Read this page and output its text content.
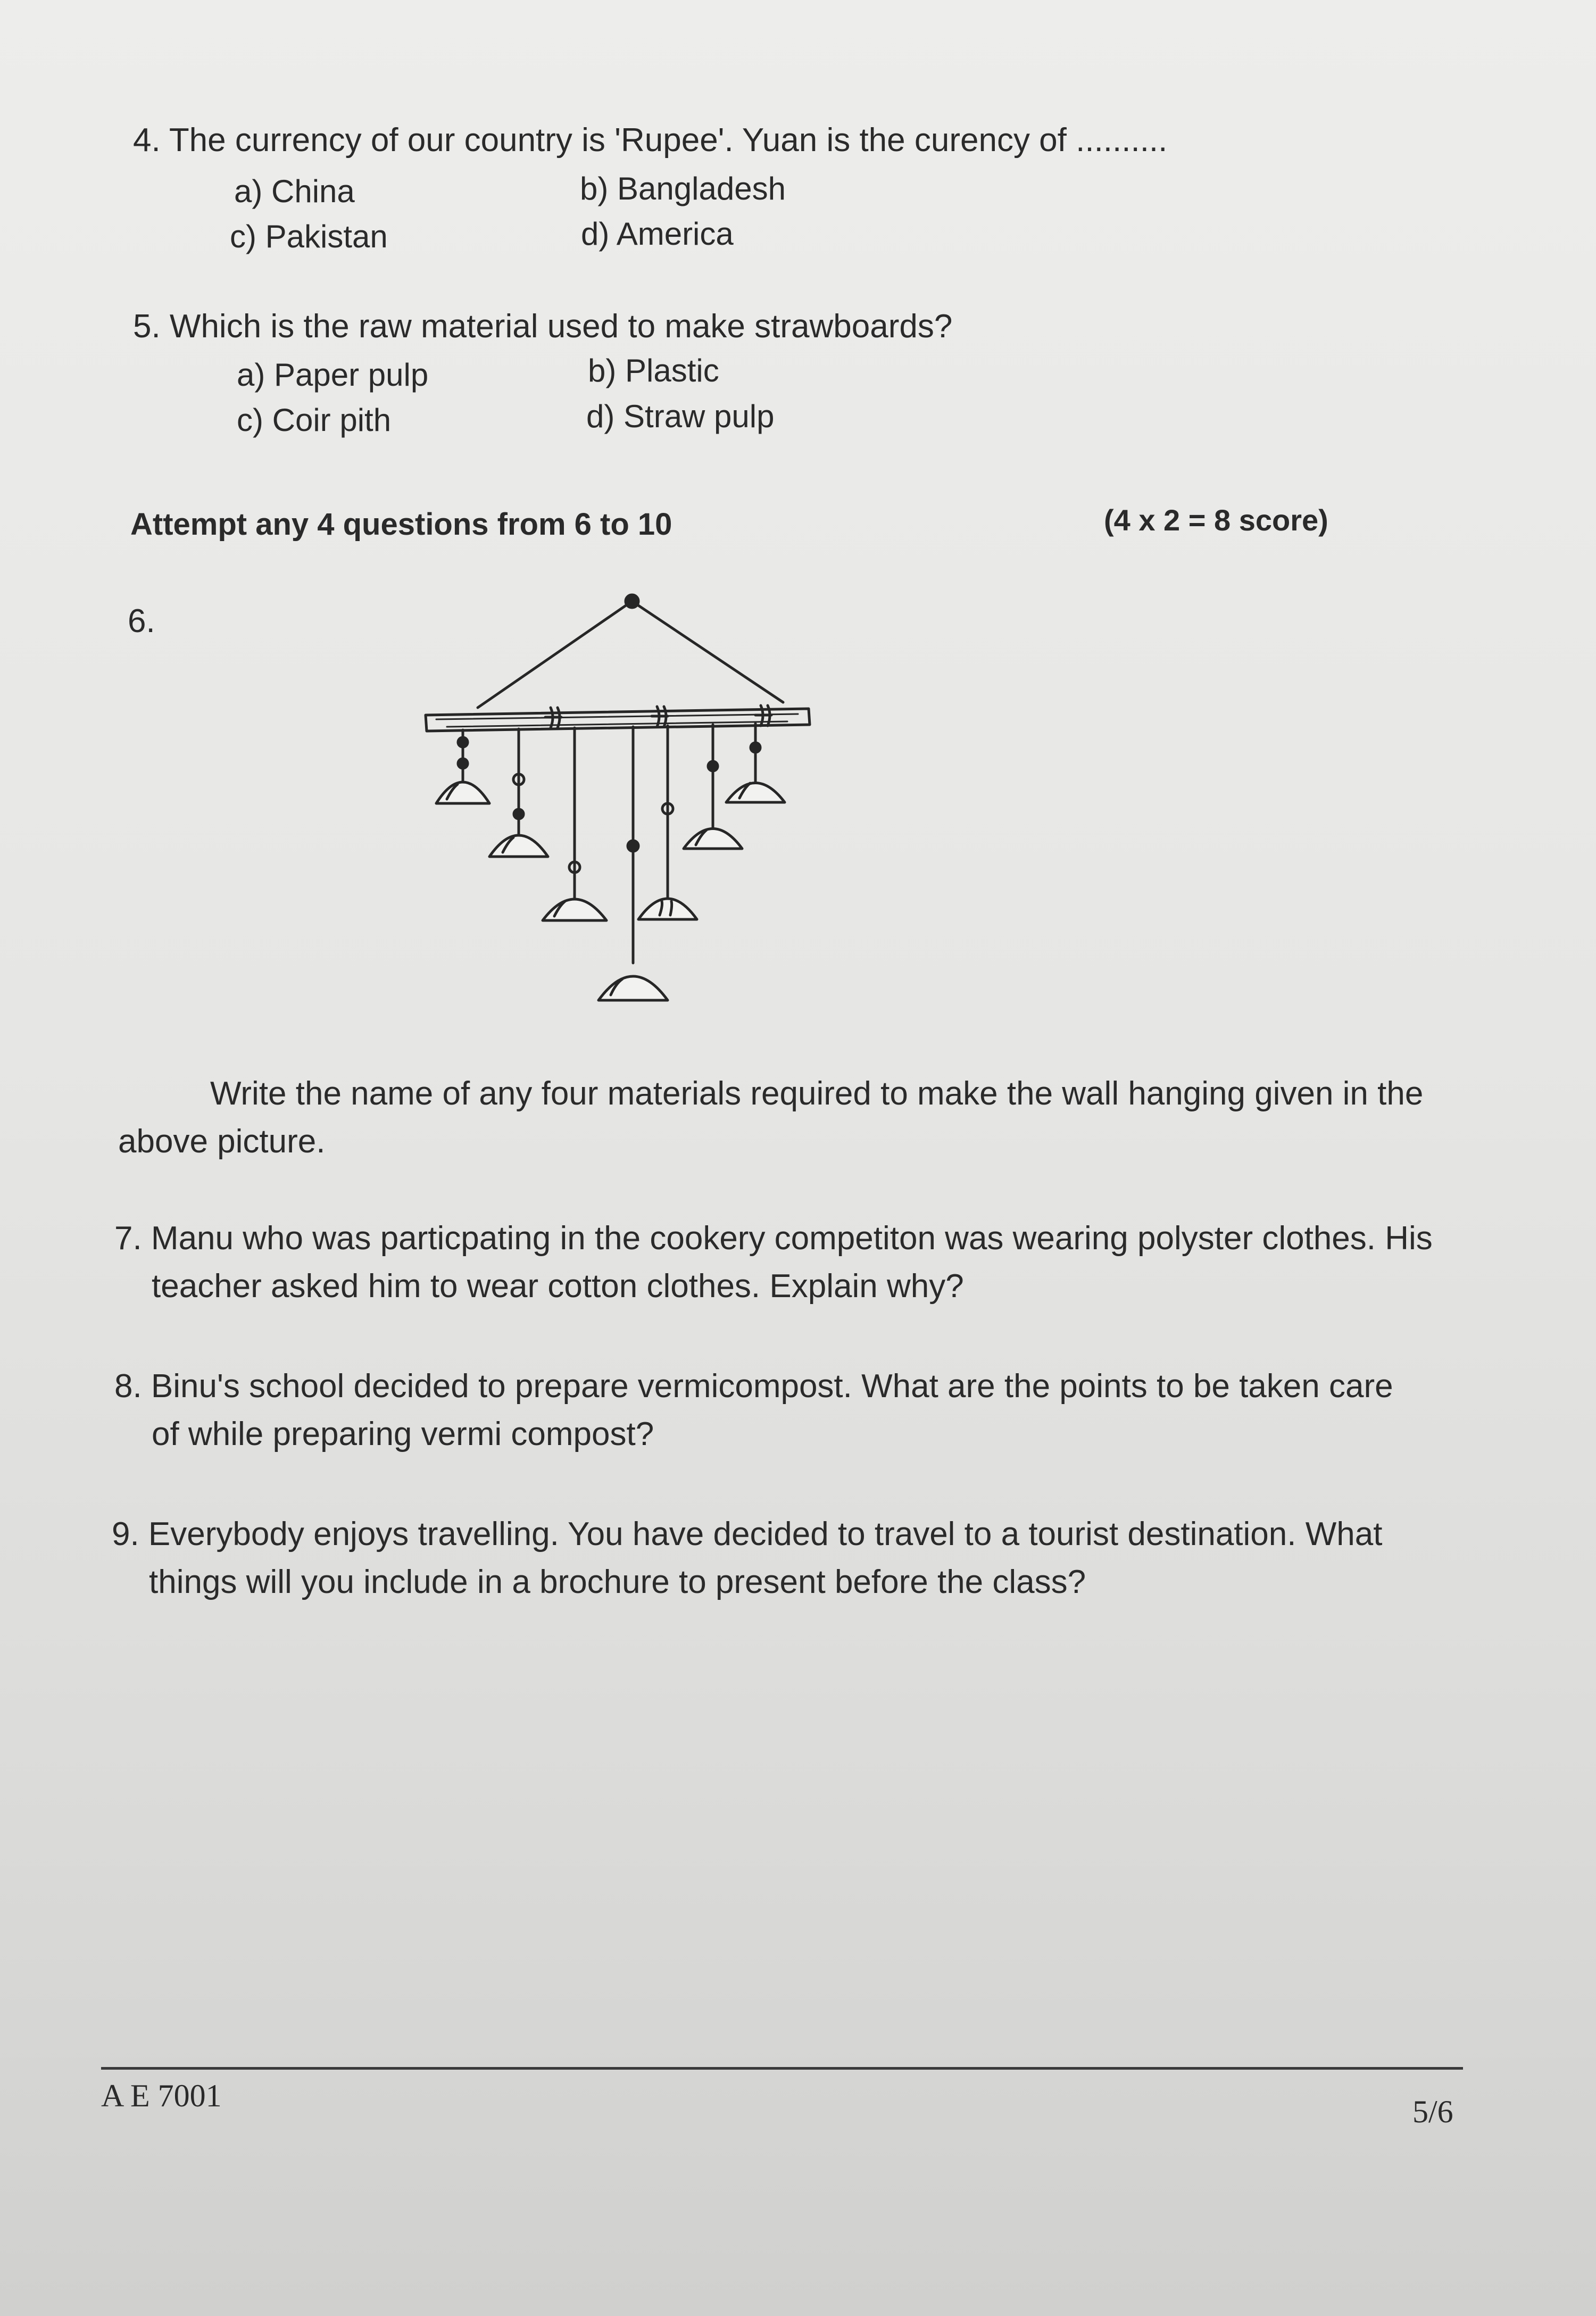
4. The currency of our country is 'Rupee'. Yuan is the curency of ..........
a) China	b) Bangladesh
c) Pakistan	d) America
5. Which is the raw material used to make strawboards?
a) Paper pulp	b) Plastic
c) Coir pith	d) Straw pulp
Attempt any 4 questions from 6 to 10	(4 x 2 = 8 score)
6.
Write the name of any four materials required to make the wall hanging given in the
above picture.
7. Manu who was particpating in the cookery competiton was wearing polyster clothes. His
teacher asked him to wear cotton clothes. Explain why?
8. Binu's school decided to prepare vermicompost. What are the points to be taken care
of while preparing vermi compost?
9. Everybody enjoys travelling. You have decided to travel to a tourist destination. What
things will you include in a brochure to present before the class?
A E 7001	5/6
